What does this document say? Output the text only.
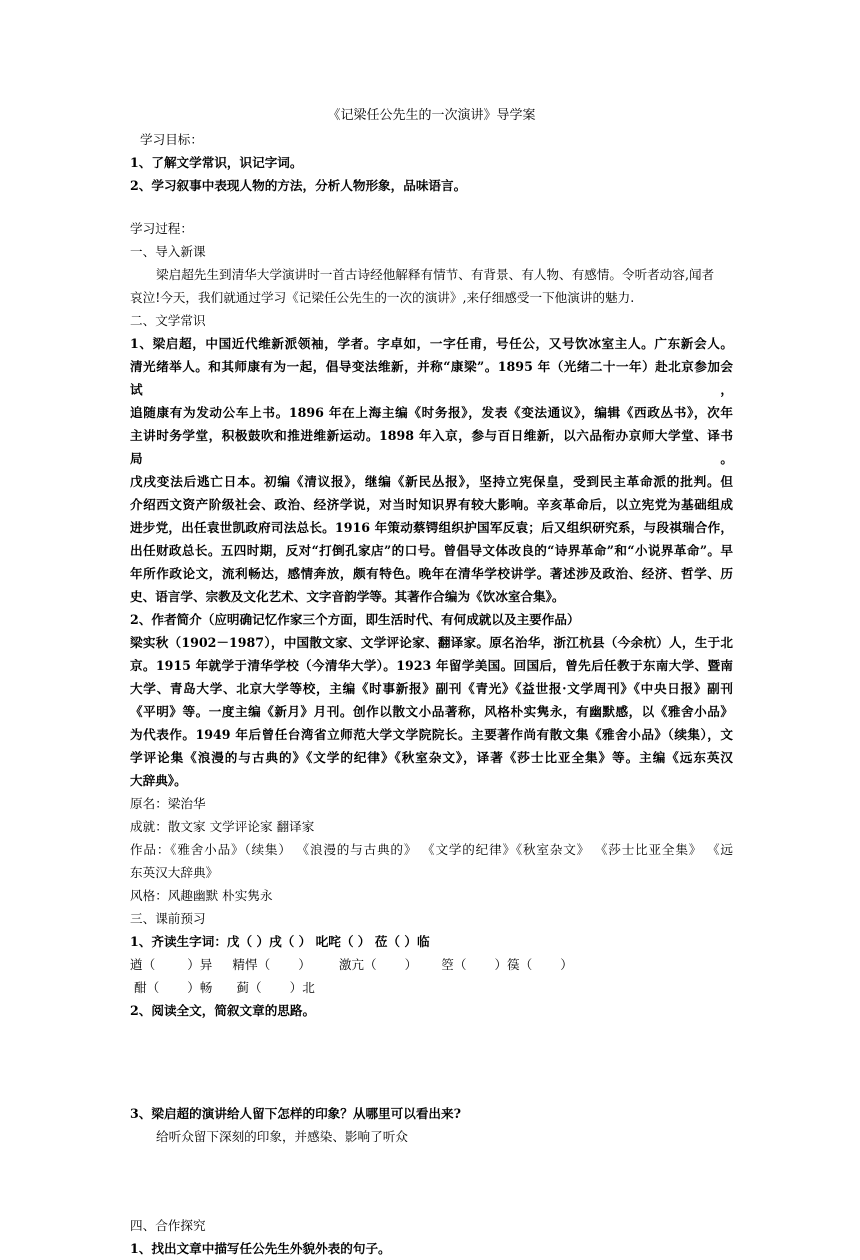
《记梁任公先生的一次演讲》导学案

学习目标：

1、了解文学常识，识记字词。

2、学习叙事中表现人物的方法，分析人物形象，品味语言。

学习过程：

一、导入新课

梁启超先生到清华大学演讲时一首古诗经他解释有情节、有背景、有人物、有感情。令听者动容,闻者

哀泣!今天，我们就通过学习《记梁任公先生的一次的演讲》,来仔细感受一下他演讲的魅力.

二、文学常识

1、梁启超，中国近代维新派领袖，学者。字卓如，一字任甫，号任公，又号饮冰室主人。广东新会人。

清光绪举人。和其师康有为一起，倡导变法维新，并称“康梁”。1895 年（光绪二十一年）赴北京参加会试，

追随康有为发动公车上书。1896 年在上海主编《时务报》，发表《变法通议》，编辑《西政丛书》，次年

主讲时务学堂，积极鼓吹和推进维新运动。1898 年入京，参与百日维新，以六品衔办京师大学堂、译书局。

戊戌变法后逃亡日本。初编《清议报》，继编《新民丛报》，坚持立宪保皇，受到民主革命派的批判。但

介绍西文资产阶级社会、政治、经济学说，对当时知识界有较大影响。辛亥革命后，以立宪党为基础组成

进步党，出任袁世凯政府司法总长。1916 年策动蔡锷组织护国军反袁；后又组织研究系，与段祺瑞合作，

出任财政总长。五四时期，反对“打倒孔家店”的口号。曾倡导文体改良的“诗界革命”和“小说界革命”。早

年所作政论文，流利畅达，感情奔放，颇有特色。晚年在清华学校讲学。著述涉及政治、经济、哲学、历

史、语言学、宗教及文化艺术、文字音韵学等。其著作合编为《饮冰室合集》。

2、作者简介（应明确记忆作家三个方面，即生活时代、有何成就以及主要作品）

梁实秋（1902－1987），中国散文家、文学评论家、翻译家。原名治华，浙江杭县（今余杭）人，生于北

京。1915 年就学于清华学校（今清华大学）。1923 年留学美国。回国后，曾先后任教于东南大学、暨南

大学、青岛大学、北京大学等校，主编《时事新报》副刊《青光》《益世报·文学周刊》《中央日报》副刊

《平明》等。一度主编《新月》月刊。创作以散文小品著称，风格朴实隽永，有幽默感，以《雅舍小品》

为代表作。1949 年后曾任台湾省立师范大学文学院院长。主要著作尚有散文集《雅舍小品》（续集），文

学评论集《浪漫的与古典的》《文学的纪律》《秋室杂文》，译著《莎士比亚全集》等。主编《远东英汉

大辞典》。

原名：梁治华

成就：散文家 文学评论家 翻译家

作品：《雅舍小品》（续集） 《浪漫的与古典的》 《文学的纪律》《秋室杂文》 《莎士比亚全集》 《远

东英汉大辞典》

风格：风趣幽默 朴实隽永

三、课前预习

1、齐读生字词：戊（ ）戌（ ） 叱咤（ ） 莅（ ）临

遒（        ）异     精悍（       ）       激亢（       ）      箜（       ）篌（       ）

酣（       ）畅      蓟（       ）北

2、阅读全文，简叙文章的思路。

3、梁启超的演讲给人留下怎样的印象？从哪里可以看出来?

给听众留下深刻的印象，并感染、影响了听众

四、合作探究

1、找出文章中描写任公先生外貌外表的句子。
